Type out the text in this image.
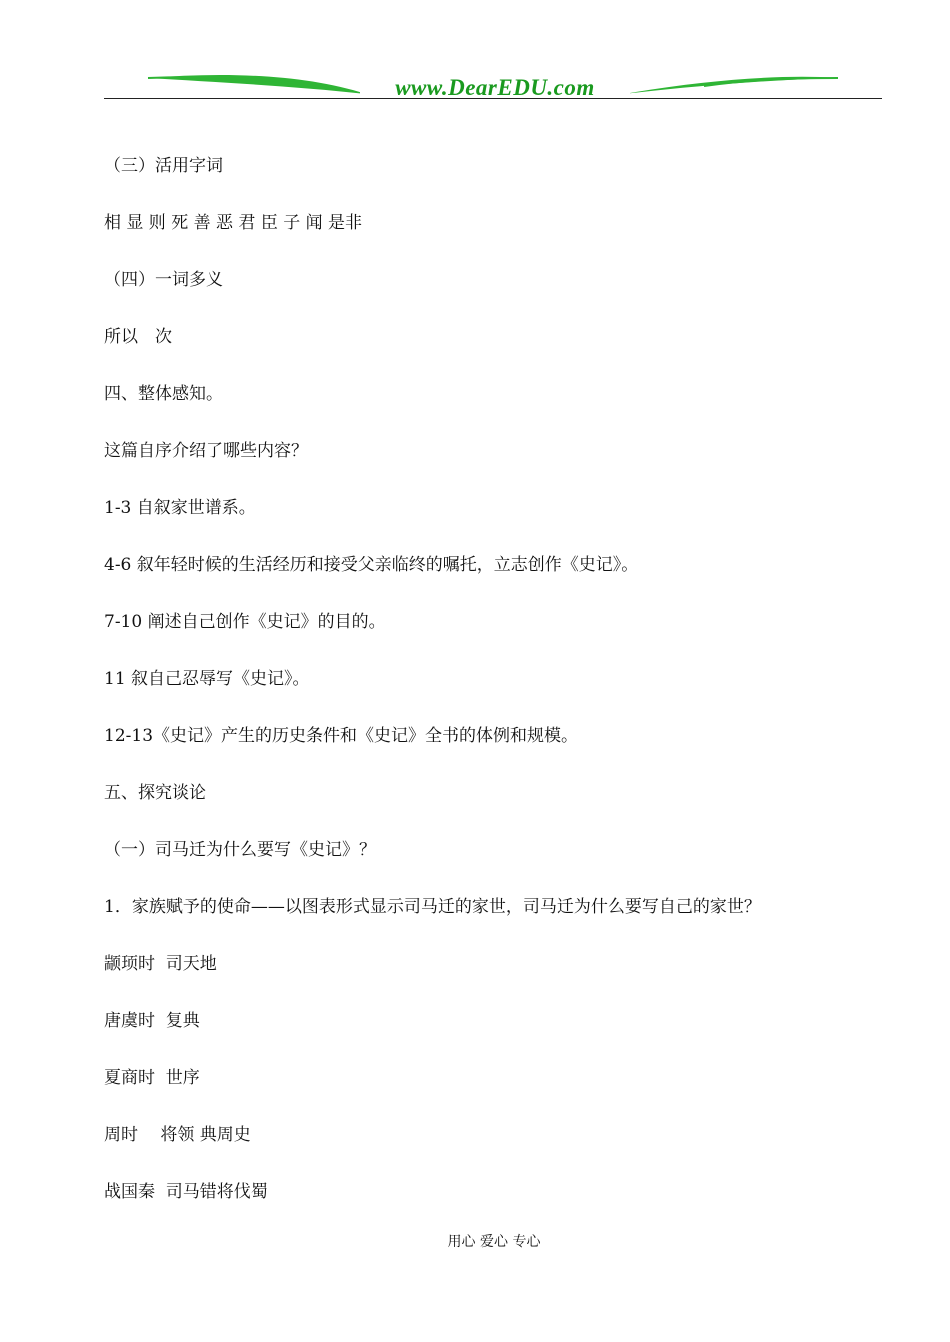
www.DearEDU.com

（三）活用字词

相 显 则 死 善 恶 君 臣 子 闻 是非

（四）一词多义

所以　次

四、整体感知。

这篇自序介绍了哪些内容？

1-3 自叙家世谱系。

4-6 叙年轻时候的生活经历和接受父亲临终的嘱托，立志创作《史记》。

7-10 阐述自己创作《史记》的目的。

11 叙自己忍辱写《史记》。

12-13《史记》产生的历史条件和《史记》全书的体例和规模。

五、探究谈论

（一）司马迁为什么要写《史记》？

1．家族赋予的使命——以图表形式显示司马迁的家世，司马迁为什么要写自己的家世？

颛顼时  司天地

唐虞时  复典

夏商时  世序

周时　 将领 典周史

战国秦  司马错将伐蜀

用心 爱心 专心
